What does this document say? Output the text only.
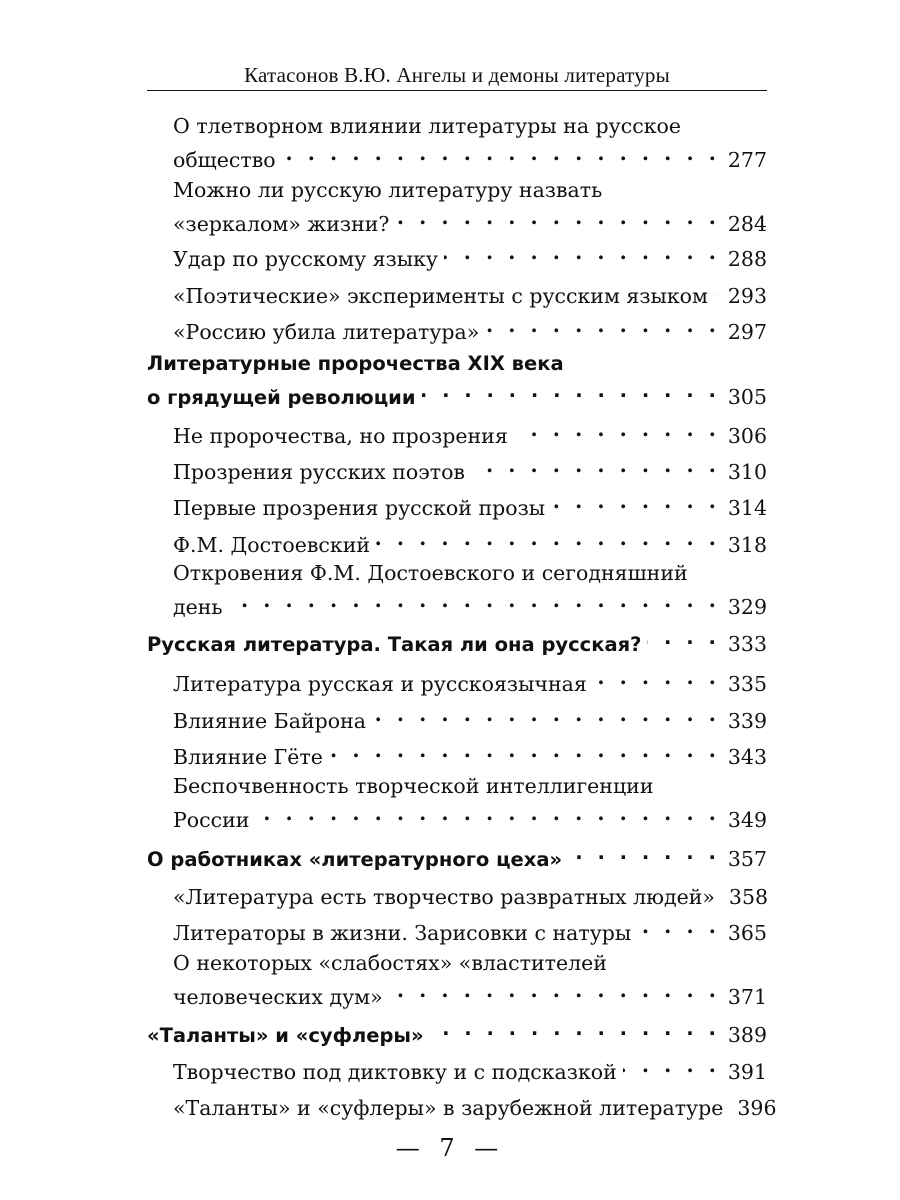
Катасонов В.Ю. Ангелы и демоны литературы
О тлетворном влиянии литературы на русское
общество . . .	277
Можно ли русскую литературу назвать
«зеркалом» жизни? . . .	284
Удар по русскому языку . . .	288
«Поэтические» эксперименты с русским языком . . . 293
«Россию убила литература» . . .	297
Литературные пророчества XIX века
о грядущей революции . . .	305
Не пророчества, но прозрения . . .	306
Прозрения русских поэтов . . .	310
Первые прозрения русской прозы . . .	314
Ф.М. Достоевский . . .	318
Откровения Ф.М. Достоевского и сегодняшний
день . . .	329
Русская литература. Такая ли она русская? . . .	333
Литература русская и русскоязычная . . .	335
Влияние Байрона . . .	339
Влияние Гёте . . .	343
Беспочвенность творческой интеллигенции
России . . .	349
О работниках «литературного цеха» . . .	357
«Литература есть творчество развратных людей» 358
Литераторы в жизни. Зарисовки с натуры . . .	365
О некоторых «слабостях» «властителей
человеческих дум» . . .	371
«Таланты» и «суфлеры» . . .	389
Творчество под диктовку и с подсказкой . . .	391
«Таланты» и «суфлеры» в зарубежной литературе 396
— 7 —
